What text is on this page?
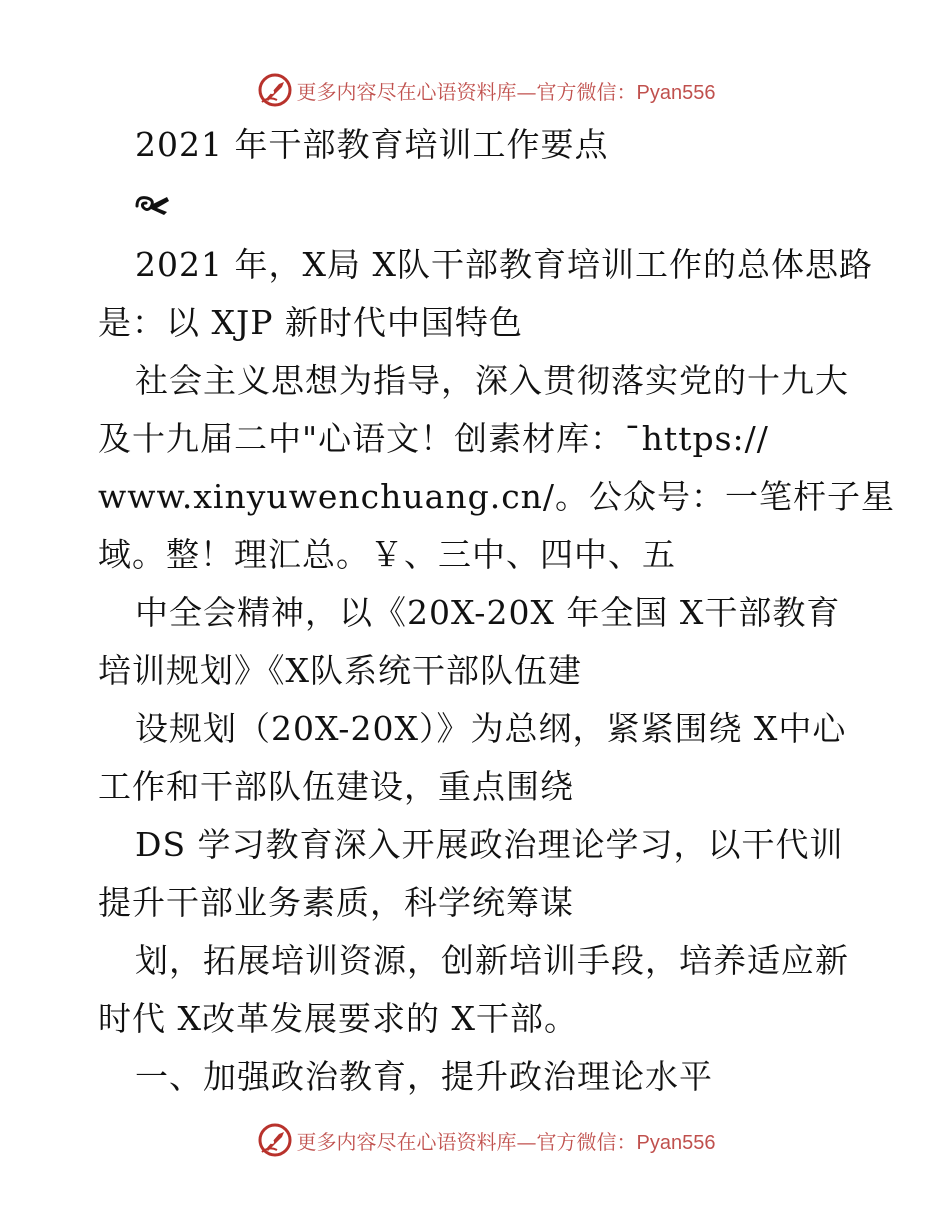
更多内容尽在心语资料库—官方微信：Pyan556
2021 年干部教育培训工作要点
2021 年，X局 X队干部教育培训工作的总体思路
是：以 XJP 新时代中国特色
社会主义思想为指导，深入贯彻落实党的十九大
及十九届二中"心语文！创素材库：¯https://
www.xinyuwenchuang.cn/。公众号：一笔杆子星
域。整！理汇总。￥、三中、四中、五
中全会精神，以《20X-20X 年全国 X干部教育
培训规划》《X队系统干部队伍建
设规划（20X-20X）》为总纲，紧紧围绕 X中心
工作和干部队伍建设，重点围绕
DS 学习教育深入开展政治理论学习，以干代训
提升干部业务素质，科学统筹谋
划，拓展培训资源，创新培训手段，培养适应新
时代 X改革发展要求的 X干部。
一、加强政治教育，提升政治理论水平
更多内容尽在心语资料库—官方微信：Pyan556
